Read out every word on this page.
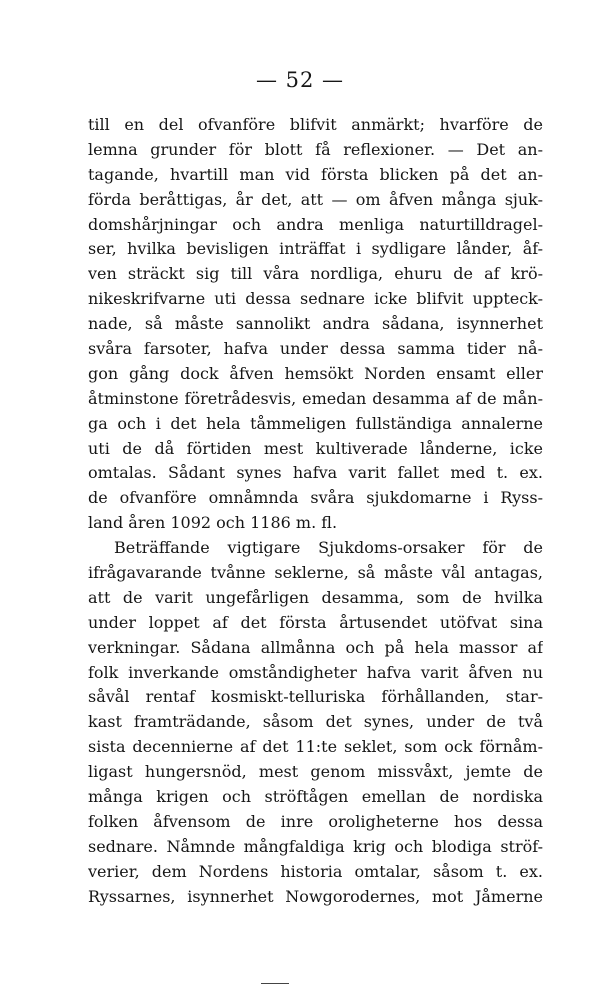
— 52 —
till en del ofvanföre blifvit anmärkt; hvarföre de
lemna grunder för blott få reflexioner. — Det an-
tagande, hvartill man vid första blicken på det an-
förda beråttigas, år det, att — om åfven många sjuk-
domshårjningar och andra menliga naturtilldragel-
ser, hvilka bevisligen inträffat i sydligare lånder, åf-
ven sträckt sig till våra nordliga, ehuru de af krö-
nikeskrifvarne uti dessa sednare icke blifvit uppteck-
nade, så måste sannolikt andra sådana, isynnerhet
svåra farsoter, hafva under dessa samma tider nå-
gon gång dock åfven hemsökt Norden ensamt eller
åtminstone företrådesvis, emedan desamma af de mån-
ga och i det hela tåmmeligen fullständiga annalerne
uti de då förtiden mest kultiverade lånderne, icke
omtalas. Sådant synes hafva varit fallet med t. ex.
de ofvanföre omnåmnda svåra sjukdomarne i Ryss-
land åren 1092 och 1186 m. fl.
Beträffande vigtigare Sjukdoms-orsaker för de
ifrågavarande tvånne seklerne, så måste vål antagas,
att de varit ungefårligen desamma, som de hvilka
under loppet af det första årtusendet utöfvat sina
verkningar. Sådana allmånna och på hela massor af
folk inverkande omståndigheter hafva varit åfven nu
såvål rentaf kosmiskt-telluriska förhållanden, star-
kast framträdande, såsom det synes, under de två
sista decennierne af det 11:te seklet, som ock förnåm-
ligast hungersnöd, mest genom missvåxt, jemte de
många krigen och ströftågen emellan de nordiska
folken åfvensom de inre oroligheterne hos dessa
sednare. Nåmnde mångfaldiga krig och blodiga ströf-
verier, dem Nordens historia omtalar, såsom t. ex.
Ryssarnes, isynnerhet Nowgorodernes, mot Jåmerne
